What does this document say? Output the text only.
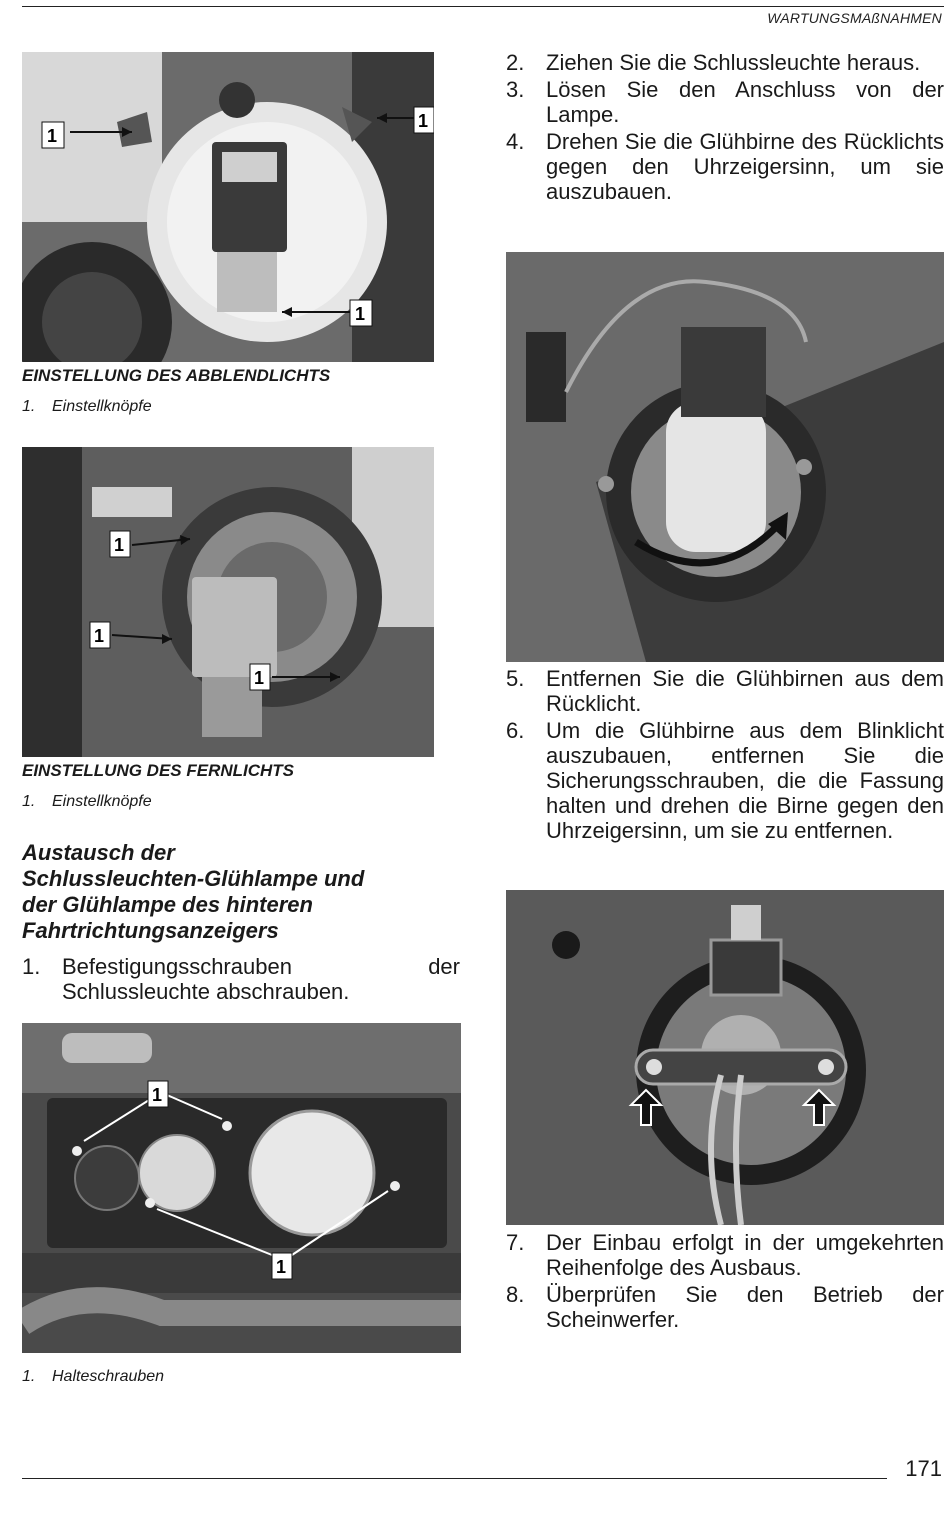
WARTUNGSMAßNAHMEN
1
1
1
EINSTELLUNG DES ABBLENDLICHTS
1. Einstellknöpfe
1
1
1
EINSTELLUNG DES FERNLICHTS
1. Einstellknöpfe
Austausch der
Schlussleuchten-Glühlampe und
der Glühlampe des hinteren
Fahrtrichtungsanzeigers
1. Befestigungsschrauben der Schlussleuchte abschrauben.
1
1
1. Halteschrauben
2. Ziehen Sie die Schlussleuchte heraus.
3. Lösen Sie den Anschluss von der Lampe.
4. Drehen Sie die Glühbirne des Rücklichts gegen den Uhrzeigersinn, um sie auszubauen.
5. Entfernen Sie die Glühbirnen aus dem Rücklicht.
6. Um die Glühbirne aus dem Blinklicht auszubauen, entfernen Sie die Sicherungsschrauben, die die Fassung halten und drehen die Birne gegen den Uhrzeigersinn, um sie zu entfernen.
7. Der Einbau erfolgt in der umgekehrten Reihenfolge des Ausbaus.
8. Überprüfen Sie den Betrieb der Scheinwerfer.
171
